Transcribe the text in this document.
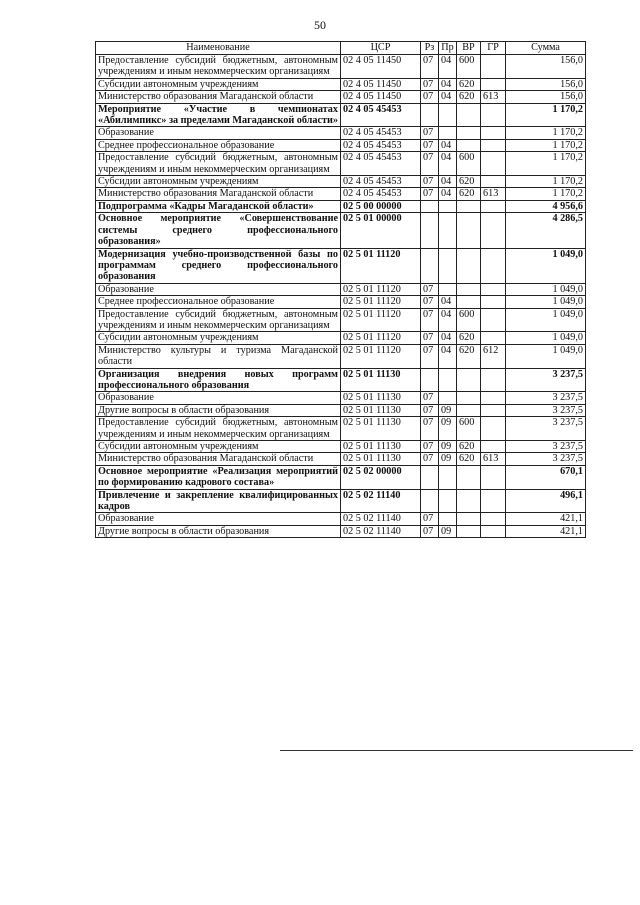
50
Наименование	ЦСР	Рз	Пр	ВР	ГР	Сумма
Предоставление субсидий бюджетным, автономным учреждениям и иным некоммерческим организациям	02 4 05 11450	07	04	600		156,0
Субсидии автономным учреждениям	02 4 05 11450	07	04	620		156,0
Министерство образования Магаданской области	02 4 05 11450	07	04	620	613	156,0
Мероприятие «Участие в чемпионатах «Абилимпикс» за пределами Магаданской области»	02 4 05 45453					1 170,2
Образование	02 4 05 45453	07				1 170,2
Среднее профессиональное образование	02 4 05 45453	07	04			1 170,2
Предоставление субсидий бюджетным, автономным учреждениям и иным некоммерческим организациям	02 4 05 45453	07	04	600		1 170,2
Субсидии автономным учреждениям	02 4 05 45453	07	04	620		1 170,2
Министерство образования Магаданской области	02 4 05 45453	07	04	620	613	1 170,2
Подпрограмма «Кадры Магаданской области»	02 5 00 00000					4 956,6
Основное мероприятие «Совершенствование системы среднего профессионального образования»	02 5 01 00000					4 286,5
Модернизация учебно-производственной базы по программам среднего профессионального образования	02 5 01 11120					1 049,0
Образование	02 5 01 11120	07				1 049,0
Среднее профессиональное образование	02 5 01 11120	07	04			1 049,0
Предоставление субсидий бюджетным, автономным учреждениям и иным некоммерческим организациям	02 5 01 11120	07	04	600		1 049,0
Субсидии автономным учреждениям	02 5 01 11120	07	04	620		1 049,0
Министерство культуры и туризма Магаданской области	02 5 01 11120	07	04	620	612	1 049,0
Организация внедрения новых программ профессионального образования	02 5 01 11130					3 237,5
Образование	02 5 01 11130	07				3 237,5
Другие вопросы в области образования	02 5 01 11130	07	09			3 237,5
Предоставление субсидий бюджетным, автономным учреждениям и иным некоммерческим организациям	02 5 01 11130	07	09	600		3 237,5
Субсидии автономным учреждениям	02 5 01 11130	07	09	620		3 237,5
Министерство образования Магаданской области	02 5 01 11130	07	09	620	613	3 237,5
Основное мероприятие «Реализация мероприятий по формированию кадрового состава»	02 5 02 00000					670,1
Привлечение и закрепление квалифицированных кадров	02 5 02 11140					496,1
Образование	02 5 02 11140	07				421,1
Другие вопросы в области образования	02 5 02 11140	07	09			421,1
